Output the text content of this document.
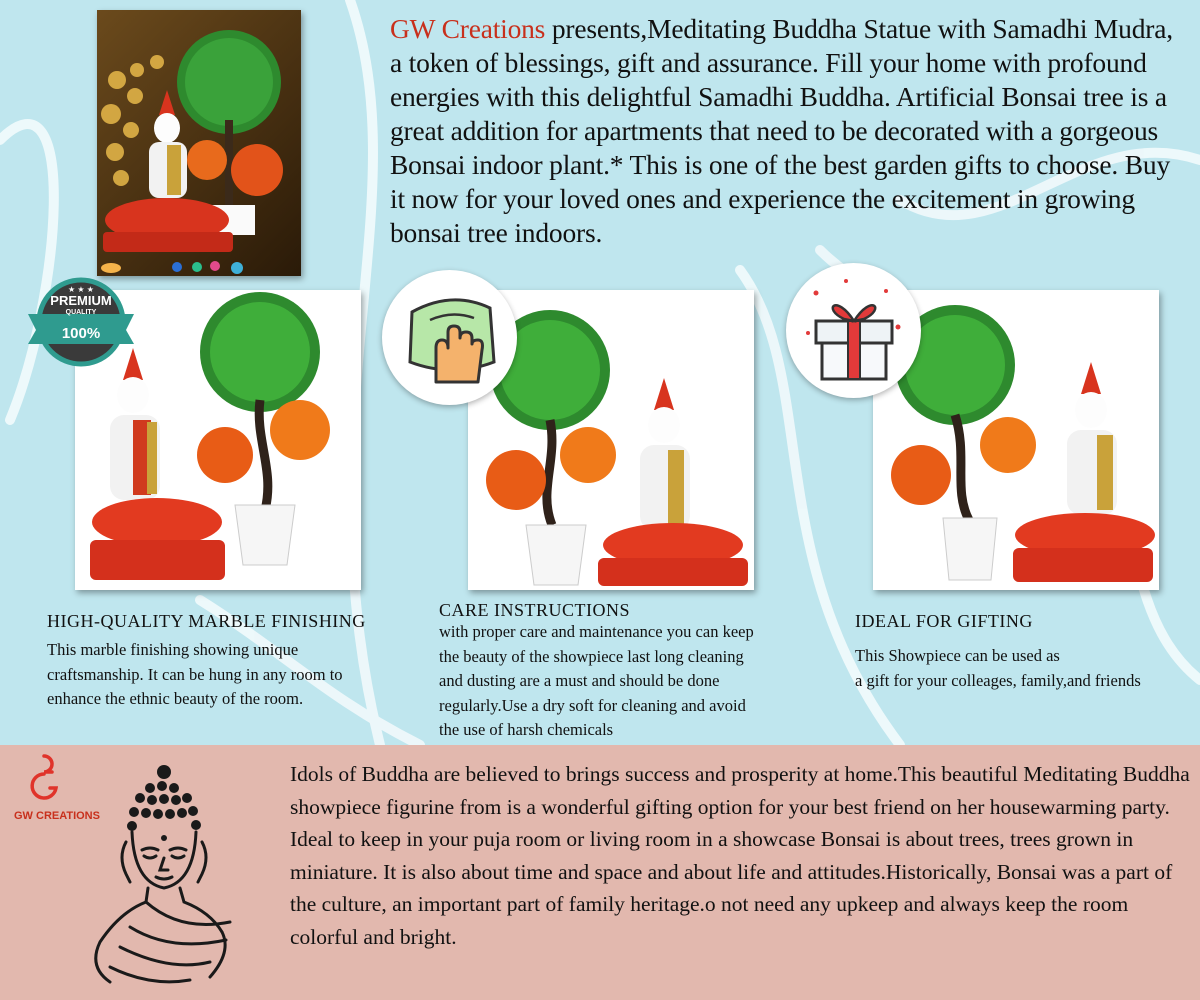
GW Creations presents,Meditating Buddha Statue with Samadhi Mudra, a token of blessings, gift and assurance. Fill your home with profound energies with this delightful Samadhi Buddha. Artificial Bonsai tree is a great addition for apartments that need to be decorated with a gorgeous Bonsai indoor plant.* This is one of the best garden gifts to choose. Buy it now for your loved ones and experience the excitement in growing bonsai tree indoors.
★ ★ ★
PREMIUM
QUALITY
100%
HIGH-QUALITY MARBLE FINISHING
This marble finishing showing unique
craftsmanship. It can be hung in any room to
enhance the ethnic beauty of the room.
CARE INSTRUCTIONS
with proper care and maintenance you can keep
the beauty of the showpiece last long cleaning
and dusting are a must and should be done
regularly.Use a dry soft for cleaning and avoid
the use of harsh chemicals
IDEAL FOR GIFTING
This Showpiece can be used as
a gift for your colleages, family,and friends
GW CREATIONS
Idols of Buddha are believed to brings success and prosperity at home.This beautiful Meditating Buddha showpiece figurine from is a wonderful gifting option for your best friend on her housewarming party. Ideal to keep in your puja room or living room in a showcase Bonsai is about trees, trees grown in miniature. It is also about time and space and about life and attitudes.Historically, Bonsai was a part of the culture, an important part of family heritage.o not need any upkeep and always keep the room colorful and bright.
